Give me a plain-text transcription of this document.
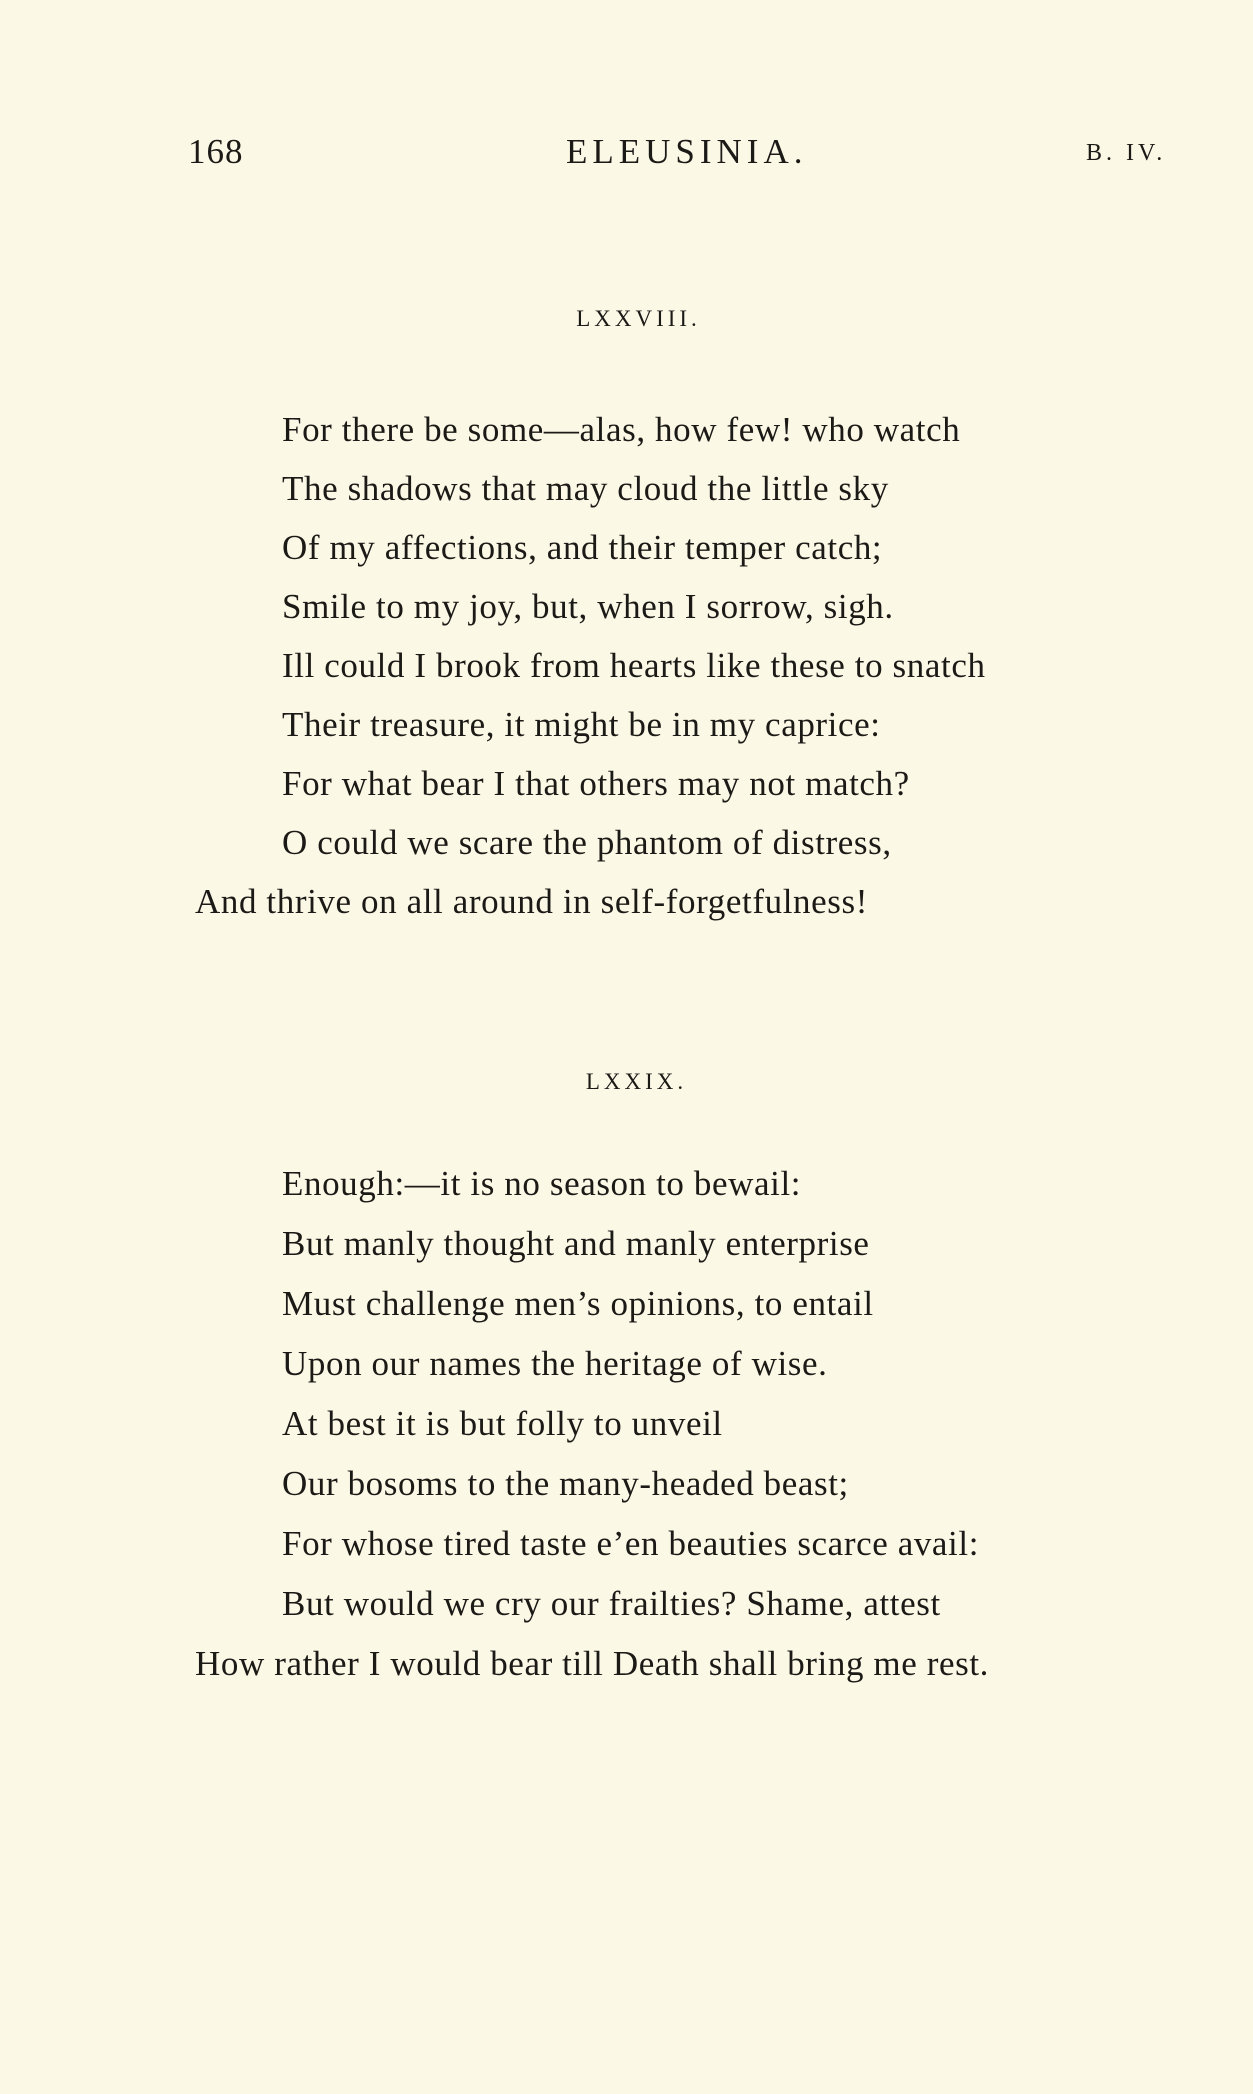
168	ELEUSINIA.	B. IV.
LXXVIII.
For there be some—alas, how few! who watch
The shadows that may cloud the little sky
Of my affections, and their temper catch;
Smile to my joy, but, when I sorrow, sigh.
Ill could I brook from hearts like these to snatch
Their treasure, it might be in my caprice:
For what bear I that others may not match?
O could we scare the phantom of distress,
And thrive on all around in self-forgetfulness!
LXXIX.
Enough:—it is no season to bewail:
But manly thought and manly enterprise
Must challenge men’s opinions, to entail
Upon our names the heritage of wise.
At best it is but folly to unveil
Our bosoms to the many-headed beast;
For whose tired taste e’en beauties scarce avail:
But would we cry our frailties? Shame, attest
How rather I would bear till Death shall bring me rest.
